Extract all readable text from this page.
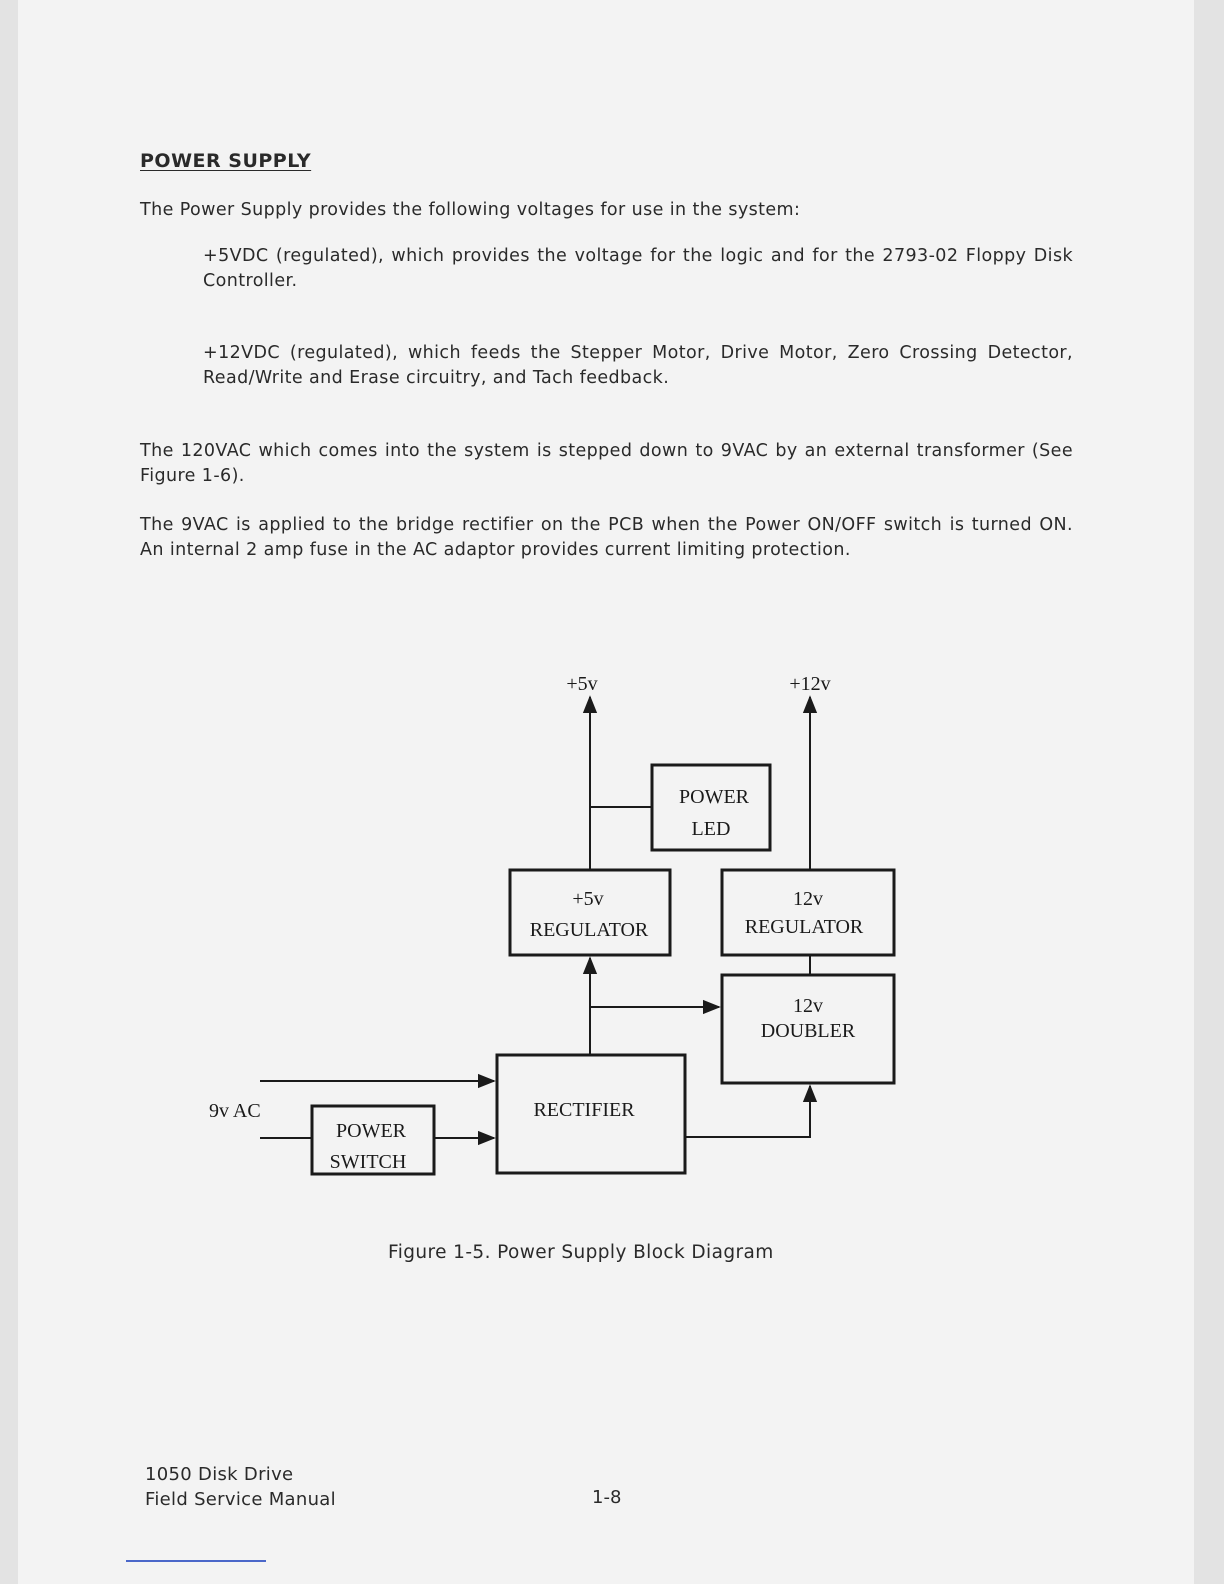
POWER SUPPLY

The Power Supply provides the following voltages for use in the system:

+5VDC (regulated), which provides the voltage for the logic and for the 2793-02 Floppy Disk Controller.

+12VDC (regulated), which feeds the Stepper Motor, Drive Motor, Zero Crossing Detector, Read/Write and Erase circuitry, and Tach feedback.

The 120VAC which comes into the system is stepped down to 9VAC by an external transformer (See Figure 1-6).

The 9VAC is applied to the bridge rectifier on the PCB when the Power ON/OFF switch is turned ON. An internal 2 amp fuse in the AC adaptor provides current limiting protection.

+5v	+12v
POWER
LED
+5v
REGULATOR
12v
REGULATOR
12v
DOUBLER
RECTIFIER
POWER
SWITCH
9v AC
Figure 1-5. Power Supply Block Diagram
1050 Disk Drive
Field Service Manual	1-8
